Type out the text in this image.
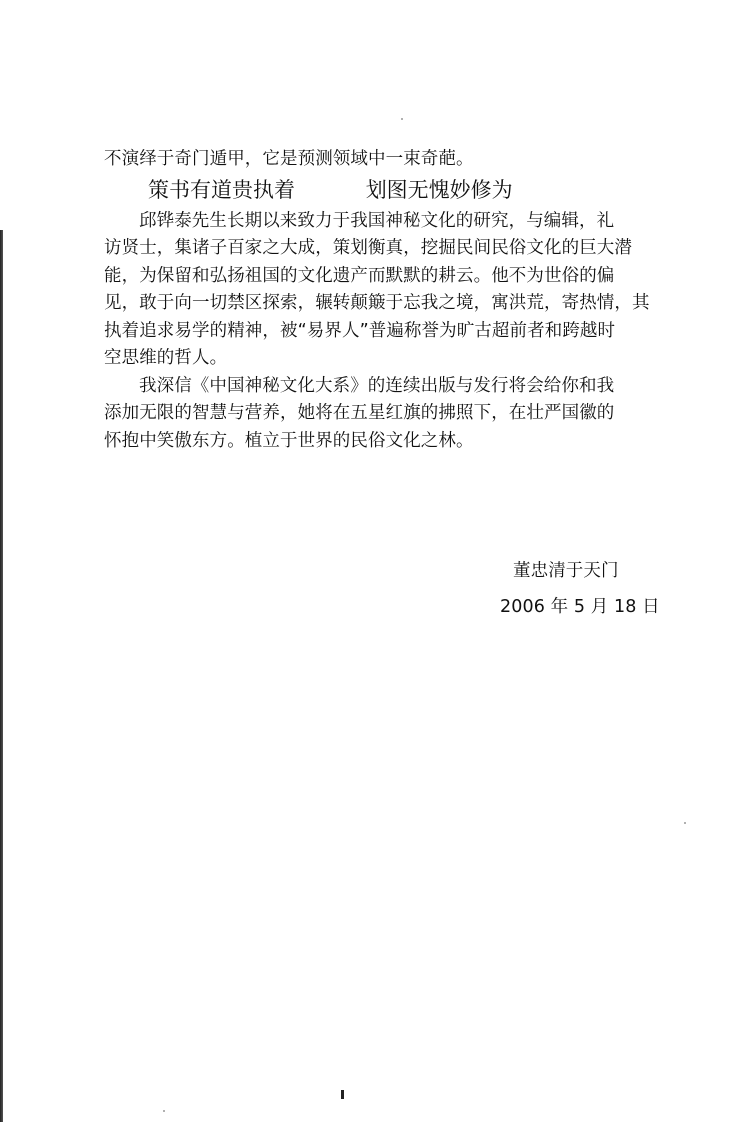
不演绎于奇门遁甲，它是预测领域中一束奇葩。

策书有道贵执着	划图无愧妙修为

邱铧泰先生长期以来致力于我国神秘文化的研究，与编辑，礼

访贤士，集诸子百家之大成，策划衡真，挖掘民间民俗文化的巨大潜

能，为保留和弘扬祖国的文化遗产而默默的耕云。他不为世俗的偏

见，敢于向一切禁区探索，辗转颠簸于忘我之境，寓洪荒，寄热情，其

执着追求易学的精神，被“易界人”普遍称誉为旷古超前者和跨越时

空思维的哲人。

我深信《中国神秘文化大系》的连续出版与发行将会给你和我

添加无限的智慧与营养，她将在五星红旗的拂照下，在壮严国徽的

怀抱中笑傲东方。植立于世界的民俗文化之林。

董忠清于天门

2006 年 5 月 18 日
